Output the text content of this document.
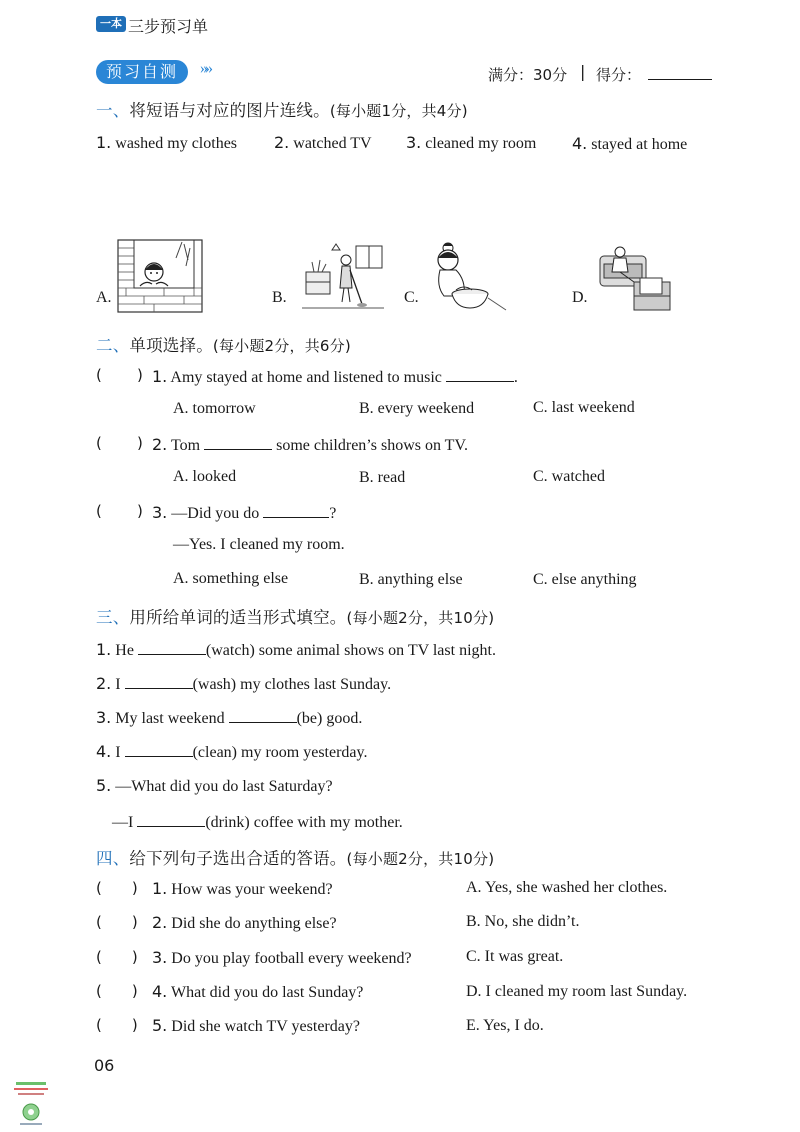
一本 三步预习单
预习自测	»»	满分：30分 | 得分：
一、将短语与对应的图片连线。(每小题1分，共4分)
1. washed my clothes 2. watched TV 3. cleaned my room 4. stayed at home
A.	B.	C.	D.
二、单项选择。(每小题2分，共6分)
( ) 1. Amy stayed at home and listened to music	.
A. tomorrow	B. every weekend	C. last weekend
( ) 2. Tom	some children’s shows on TV.
A. looked	B. read	C. watched
( ) 3. —Did you do	?
—Yes. I cleaned my room.
A. something else	B. anything else	C. else anything
三、用所给单词的适当形式填空。(每小题2分，共10分)
1. He	(watch) some animal shows on TV last night.
2. I	(wash) my clothes last Sunday.
3. My last weekend	(be) good.
4. I	(clean) my room yesterday.
5. —What did you do last Saturday?
—I	(drink) coffee with my mother.
四、给下列句子选出合适的答语。(每小题2分，共10分)
( ) 1. How was your weekend?	A. Yes, she washed her clothes.
( ) 2. Did she do anything else?	B. No, she didn’t.
( ) 3. Do you play football every weekend?	C. It was great.
( ) 4. What did you do last Sunday?	D. I cleaned my room last Sunday.
( ) 5. Did she watch TV yesterday?	E. Yes, I do.
06
